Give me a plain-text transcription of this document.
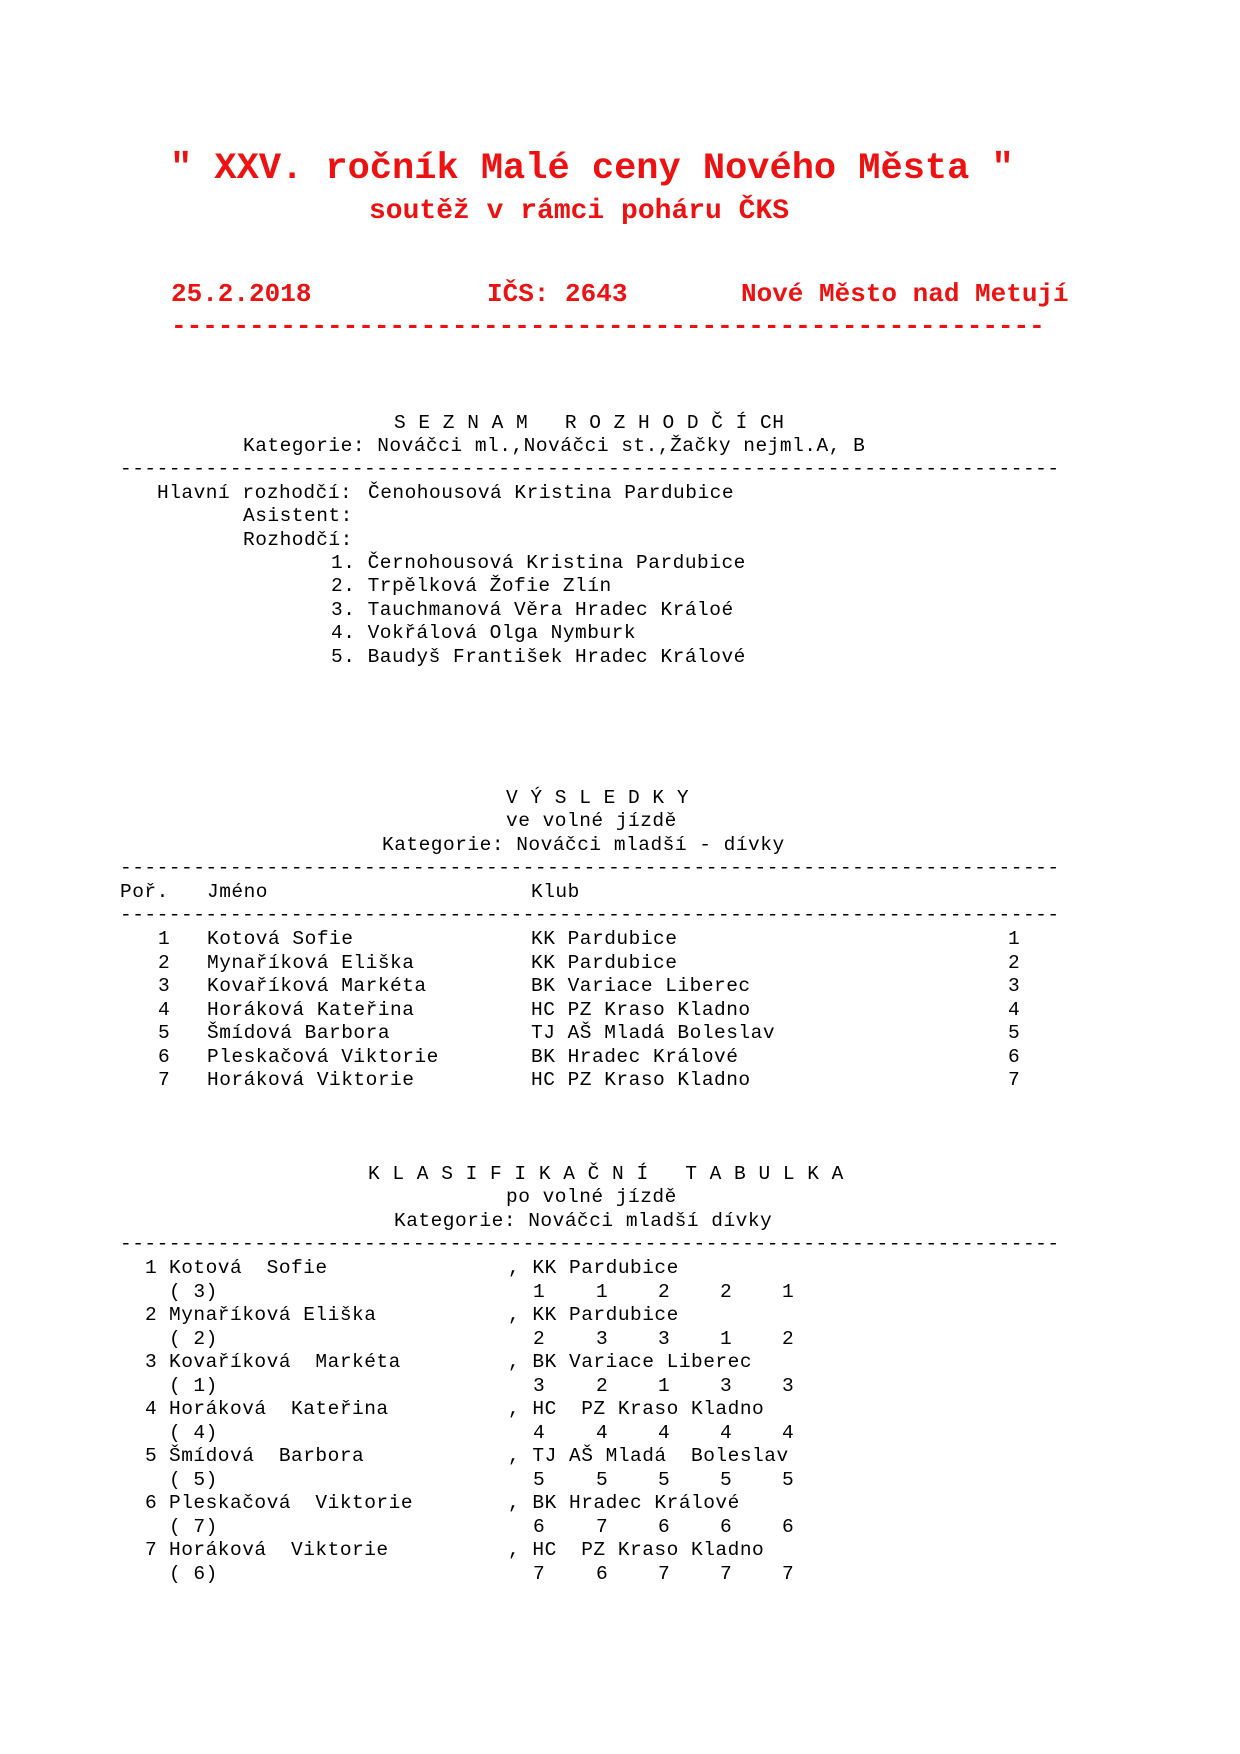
" XXV. ročník Malé ceny Nového Města "
soutěž v rámci poháru ČKS
25.2.2018	IČS: 2643	Nové Město nad Metují
--------------------------------------------------------
S E Z N A M   R O Z H O D Č Í CH
Kategorie: Nováčci ml.,Nováčci st.,Žačky nejml.A, B
-----------------------------------------------------------------------------
Hlavní rozhodčí: Čenohousová Kristina Pardubice
Asistent:
Rozhodčí:
1. Černohousová Kristina Pardubice
2. Trpělková Žofie Zlín
3. Tauchmanová Věra Hradec Králoé
4. Vokřálová Olga Nymburk
5. Baudyš František Hradec Králové
V Ý S L E D K Y
ve volné jízdě
Kategorie: Nováčci mladší - dívky
-----------------------------------------------------------------------------
Poř. Jméno	Klub
-----------------------------------------------------------------------------
1 Kotová Sofie	KK Pardubice	1
2 Mynaříková Eliška	KK Pardubice	2
3 Kovaříková Markéta	BK Variace Liberec	3
4 Horáková Kateřina	HC PZ Kraso Kladno	4
5 Šmídová Barbora	TJ AŠ Mladá Boleslav	5
6 Pleskačová Viktorie	BK Hradec Králové	6
7 Horáková Viktorie	HC PZ Kraso Kladno	7
K L A S I F I K A Č N Í   T A B U L K A
po volné jízdě
Kategorie: Nováčci mladší dívky
-----------------------------------------------------------------------------
1 Kotová  Sofie	, KK Pardubice
( 3)	1	1	2	2	1
2 Mynaříková Eliška	, KK Pardubice
( 2)	2	3	3	1	2
3 Kovaříková  Markéta	, BK Variace Liberec
( 1)	3	2	1	3	3
4 Horáková  Kateřina	, HC  PZ Kraso Kladno
( 4)	4	4	4	4	4
5 Šmídová  Barbora	, TJ AŠ Mladá  Boleslav
( 5)	5	5	5	5	5
6 Pleskačová  Viktorie	, BK Hradec Králové
( 7)	6	7	6	6	6
7 Horáková  Viktorie	, HC  PZ Kraso Kladno
( 6)	7	6	7	7	7
